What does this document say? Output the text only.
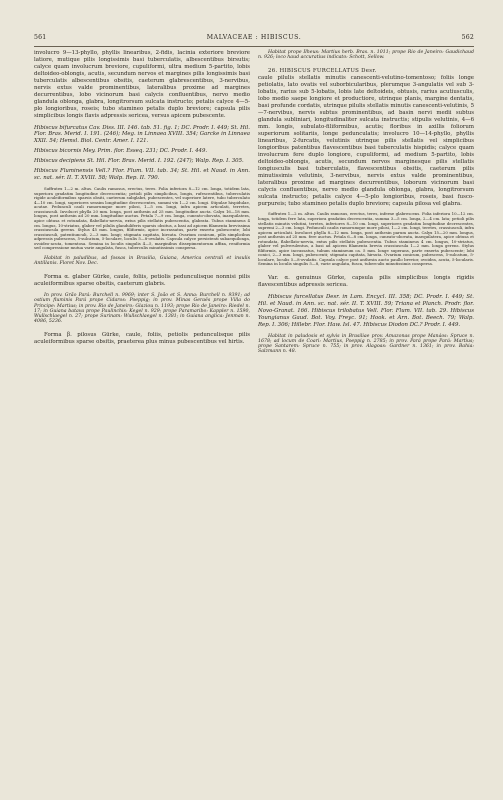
561	MALVACEAE : HIBISCUS.	562

involucro 9—13-phyllo, phyllis linearibus, 2-fidis, lacinia exteriore breviore latiore, mutique pilis longissimis basi tuberculatis, albescentibus birsutis; calyce quam involucrum breviore, cupuliformi, ultra medium 5-partito, lobis deltoideo-oblongis, acutis, secundum nervos et margines pilis longissimis basi tuberculatis albescentibus obsitis, caeterum glabrescentibus, 3-nervibus, nervis extus valde prominentibus, lateralibus proxime ad margines decurrentibus, lobo vicinorum basi calycis confluentibus, nervo medio glandula oblonga, glabra, longitrorsum sulcata instructo; petalis calyce 4—5-plo longioribus, roseis; tubo stamineo petalis duplo breviore; capsula pilis simplicibus longis flavis adpressis sericea, versus apicem pubescente.

Hibiscus bifurcatus Cav. Diss. III. 146. tab. 51. fig. 1; DC. Prodr. I. 449; St. Hil. Flor. Bras. Merid. I. 191. (246); Meg. in Linnaea XVIII. 354; Garcke in Linnaea XXII. 54; Hemsl. Biol. Centr. Amer. I. 121.

Hibiscus bicornis Mey. Prim. flor. Esseq. 231; DC. Prodr. I. 449.

Hibiscus decipiens St. Hil. Flor. Bras. Merid. I. 192. (247); Walp. Rep. I. 305.

Hibiscus Fluminensis Vell.? Flor. Flum. VII. tab. 34; St. Hil. et Naud. in Ann. sc. nat. sér. II. T. XVIII. 58; Walp. Rep. II. 790.

Suffrutex 1—2 m. altus. Caulis ramosus, erectus, teres. Folia inferiora 8—12 cm. longa, totidem lata, superiora gradatim longitudine decrescentia; petioli pilis simplicibus, longis, rufescentibus, tuberculatis rigide aculeiformibus sparsis obsiti, caeterum subglabri, pubescentes, vel superiore latere, tubo tuberculato 4—10 cm. longi, superiores sensim longitudine decrescentes, summi vix 1—2 cm. longi. Stipulae hispidulae, acutae. Pedunculi cauli ramorumque more pilosi, 1—5 cm. longi, infra apicem articulati, terretes, crassiusculi. Involucri phylla 20 mm. longa, post anthesin ad 25 mm. longitudine aucta. Calyx 16—18 mm. longus, post anthesin ad 20 mm. longitudine auctus. Petala 7—9 cm. longa, cuneato-obovata, inaequilatera, apice obtusa et rotundata, flabellato-nervia, extus pilis stellatis pubescentia, glabrata. Tubus stamineus 4 cm. longus, 10-striatus, glaber vel pilulis glanduliferis sparsis obsitus, a basi ad apicem filamenta brevissima crassiuscula gerens. Stylus 45 mm. longus, filiformis, apice incrassatus, parte exserta pubescente; lobi crassiusculi, patentiunculi, 2—3 mm. longi; stigmata capitata, hirsuta. Ovarium conicum, pilis simplicibus adpressis pubescens, 5-sulcatum, 5-loculare, loculis 5—8-ovulatis. Capsula calyce persistenti subaequilonga, ovoideo-acuta, tomentosa. Semina in loculis singulis 4—5, marginibus dissepimentorum affixa, reniformia sed compressione mutua varie angulata, fusca, tuberculis minutissimis conspersa.

Habitat in paludibus, ad fossas in Brasilia, Guiana, America centrali et insulis Antillanis. Floret Nov. Dec.

Forma α. glaber Gürke, caule, foliis, petiolis pedunculisque nonnisi pilis aculeiformibus sparse obsitis, caeterum glabris.

In prov. Grão Pará: Burchell n. 9969; inter S. João et S. Anna: Burchell n. 9391; ad ostium fluminis Pará prope Cidaros: Poeppig; in prov. Minas Geraës prope Villa do Principe: Martius; in prov. Rio de Janeiro: Glaziou n. 1193; prope Rio de Janeiro: Riedel n. 17; in Guiana batava prope Paulinchis: Kegel n. 929; prope Paramaribo: Kappler n. 1590, Wullschlaegel n. 27; prope Surinam: Wullschlaegel n. 1381; in Guiana anglica: Jenman n. 4086, 5236.

Forma β. pilosus Gürke, caule, foliis, petiolis pedunculisque pilis aculeiformibus sparse obsitis, praeterea plus minus pubescentibus vel hirtis.

Habitat prope Ilheus: Martius herb. Bras. n. 1011; prope Rio de Janeiro: Gaudichaud n. 926; loco haud accuratius indicato: Schott, Sellow.

26. HIBISCUS FURCELLATUS Desr.

caule pilulis stellatis minutis canescenti-velutino-tomentoso; foliis longe petiolatis, lato ovatis vel suborbicularibus, plerumque 3-angulatis vel sub 3-lobatis, rarius sub 5-lobatis, lobis late deltoideis, obtusis, rarius acutiusculis, lobo medio saepe longiore et productiore, utrinque planis, margine dentatis, basi profunde cordatis, utrinque pilulis stellatis minutis canescenti-velutinis, 5—7-nervibus, nervis subtus prominentibus, ad basin nervi medii subtus glandula subliniari, longitudinaliter sulcata instructis; stipulis velutinis, 4—6 mm. longis, subulato-filiformibus, acutis; floribus in axillis foliorum superiorum solitariis, longe pedunculatis; involucro 10—14-phyllo, phyllis linearibus, 2-furcatis, velutinis utrinque pilis stellatis vel simplicibus longioribus patentibus flavescentibus basi tuberculatis hispidis; calyce quam involucrum fere duplo longiore, cupuliformi, ad medium 5-partito, lobis deltoideo-oblongis, acutis, secundum nervos marginesque pilis stellatis longiusculis basi tuberculatis, flavescentibus obsitis, caeterum pilis minutissimis velutinis, 3-nervibus, nervis extus valde prominentibus, lateralibus proxime ad margines decurrentibus, loborum vicinorum basi calycis confluentibus, nervo medio glandula oblonga, glabra, longitrorsum sulcata instructo; petalis calyce 4—5-plo longioribus, roseis, basi fusco-purpureis; tubo stamineo petalis duplo breviore; capsula pilosa vel glabra.

Suffrutex 1—2 m. altus. Caulis ramosus, erectus, teres, inferne glabrescens. Folia inferiora 10—12 cm. longa, totidem fere lata, superiora gradatim decrescentia, summa 3—5 cm. longa, 2—4 cm. lata; petioli pilis stellatis minutis velutini, teretes, inferiores 8—10 cm. longi, superiores gradatim longitudine decrescentes, supremi 2—3 cm. longi. Pedunculi caulis ramorumque more pilosi, 1—2 cm. longi, teretes, crassiusculi, infra apicem articulati. Involucri phylla 8—12 mm. longa, post anthesin parum aucta. Calyx 15—20 mm. longus, post anthesin ad 25 mm. fere auctus. Petala 6—8 cm. longa, cuneato-obovata, inaequilatera, apice obtusa et rotundata, flabellato-nervia, extus pilis stellatis pubescentia. Tubus stamineus 4 cm. longus, 10-striatus, glaber vel pulverulentus, a basi ad apicem filamenta brevia crassiuscula 1—2 mm. longa gerens. Stylus filiformis, apice incrassatus, tubum stamineum ca. 5 mm. longe superans, parte exserta pubescente; lobi conici, 2—3 mm. longi, pubescenti; stigmata capitata, hirsuta. Ovarium conicum, pubescens, 5-sulcatum, 5-loculare, loculis 5—8-ovulatis. Capsula calyce post anthesin aucto paullo brevior, ovoidea, acuta, 5-locularis. Semina in loculis singulis 5—8, varie angulata, fusca, tuberculis minutissimis conspersa.

Var. α. genuinus Gürke, capsula pilis simplicibus longis rigidis flavescentibus adpressis sericea.

Hibiscus furcellatus Desr. in Lam. Encycl. III. 358; DC. Prodr. I. 449; St. Hil. et Naud. in Ann. sc. nat. sér. II. T. XVIII. 59; Triana et Planch. Prodr. flor. Novo-Granat. 166. Hibiscus trilobatus Vell. Flor. Flum. VII. tab. 29. Hibiscus Youngianus Gaud. Bot. Voy. Freyc. 91; Hook. et Arn. Bot. Beech. 79; Walp. Rep. I. 306; Hillebr. Flor. Haw. Isl. 47. Hibiscus Diodon DC.? Prodr. I. 449.

Habitat in paludosis et sylvis in Brasiliae prov. Amazonas prope Manáos: Spruce n. 1678; ad locum de Coari: Martius, Poeppig n. 2785; in prov. Pará prope Pará: Martius; prope Santarem: Spruce n. 755; in prov. Alagoas: Gardner n. 1361; in prov. Bahia: Salzmann n. 48.
